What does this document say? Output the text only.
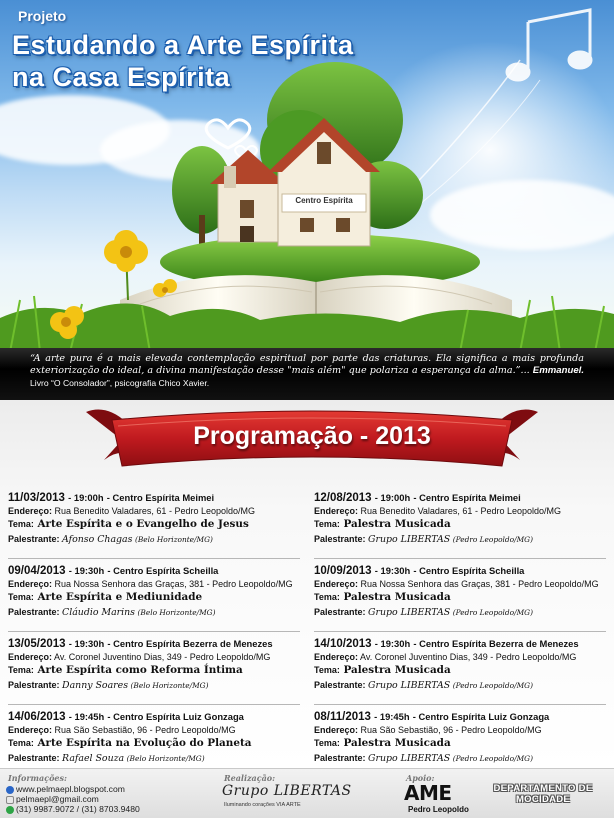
Projeto
Estudando a Arte Espírita
na Casa Espírita
Centro Espírita

“A arte pura é a mais elevada contemplação espiritual por parte das criaturas. Ela significa a mais profunda exteriorização do ideal, a divina manifestação desse "mais além" que polariza a esperança da alma.”... Emmanuel. Livro “O Consolador”, psicografia Chico Xavier.

Programação - 2013
11/03/2013 - 19:00h - Centro Espírita Meimei
Endereço: Rua Benedito Valadares, 61 - Pedro Leopoldo/MG
Tema: Arte Espírita e o Evangelho de Jesus
Palestrante: Afonso Chagas (Belo Horizonte/MG)
09/04/2013 - 19:30h - Centro Espírita Scheilla
Endereço: Rua Nossa Senhora das Graças, 381 - Pedro Leopoldo/MG
Tema: Arte Espírita e Mediunidade
Palestrante: Cláudio Marins (Belo Horizonte/MG)
13/05/2013 - 19:30h - Centro Espírita Bezerra de Menezes
Endereço: Av. Coronel Juventino Dias, 349 - Pedro Leopoldo/MG
Tema: Arte Espírita como Reforma Íntima
Palestrante: Danny Soares (Belo Horizonte/MG)
14/06/2013 - 19:45h - Centro Espírita Luiz Gonzaga
Endereço: Rua São Sebastião, 96 - Pedro Leopoldo/MG
Tema: Arte Espírita na Evolução do Planeta
Palestrante: Rafael Souza (Belo Horizonte/MG)
12/08/2013 - 19:00h - Centro Espírita Meimei
Endereço: Rua Benedito Valadares, 61 - Pedro Leopoldo/MG
Tema: Palestra Musicada
Palestrante: Grupo LIBERTAS (Pedro Leopoldo/MG)
10/09/2013 - 19:30h - Centro Espírita Scheilla
Endereço: Rua Nossa Senhora das Graças, 381 - Pedro Leopoldo/MG
Tema: Palestra Musicada
Palestrante: Grupo LIBERTAS (Pedro Leopoldo/MG)
14/10/2013 - 19:30h - Centro Espírita Bezerra de Menezes
Endereço: Av. Coronel Juventino Dias, 349 - Pedro Leopoldo/MG
Tema: Palestra Musicada
Palestrante: Grupo LIBERTAS (Pedro Leopoldo/MG)
08/11/2013 - 19:45h - Centro Espírita Luiz Gonzaga
Endereço: Rua São Sebastião, 96 - Pedro Leopoldo/MG
Tema: Palestra Musicada
Palestrante: Grupo LIBERTAS (Pedro Leopoldo/MG)
Informações:
www.pelmaepl.blogspot.com
pelmaepl@gmail.com
(31) 9987.9072 / (31) 8703.9480
Realização:
Grupo LIBERTAS
Iluminando corações VIA ARTE
Apoio:
AME
Pedro Leopoldo
DEPARTAMENTO DE MOCIDADE
